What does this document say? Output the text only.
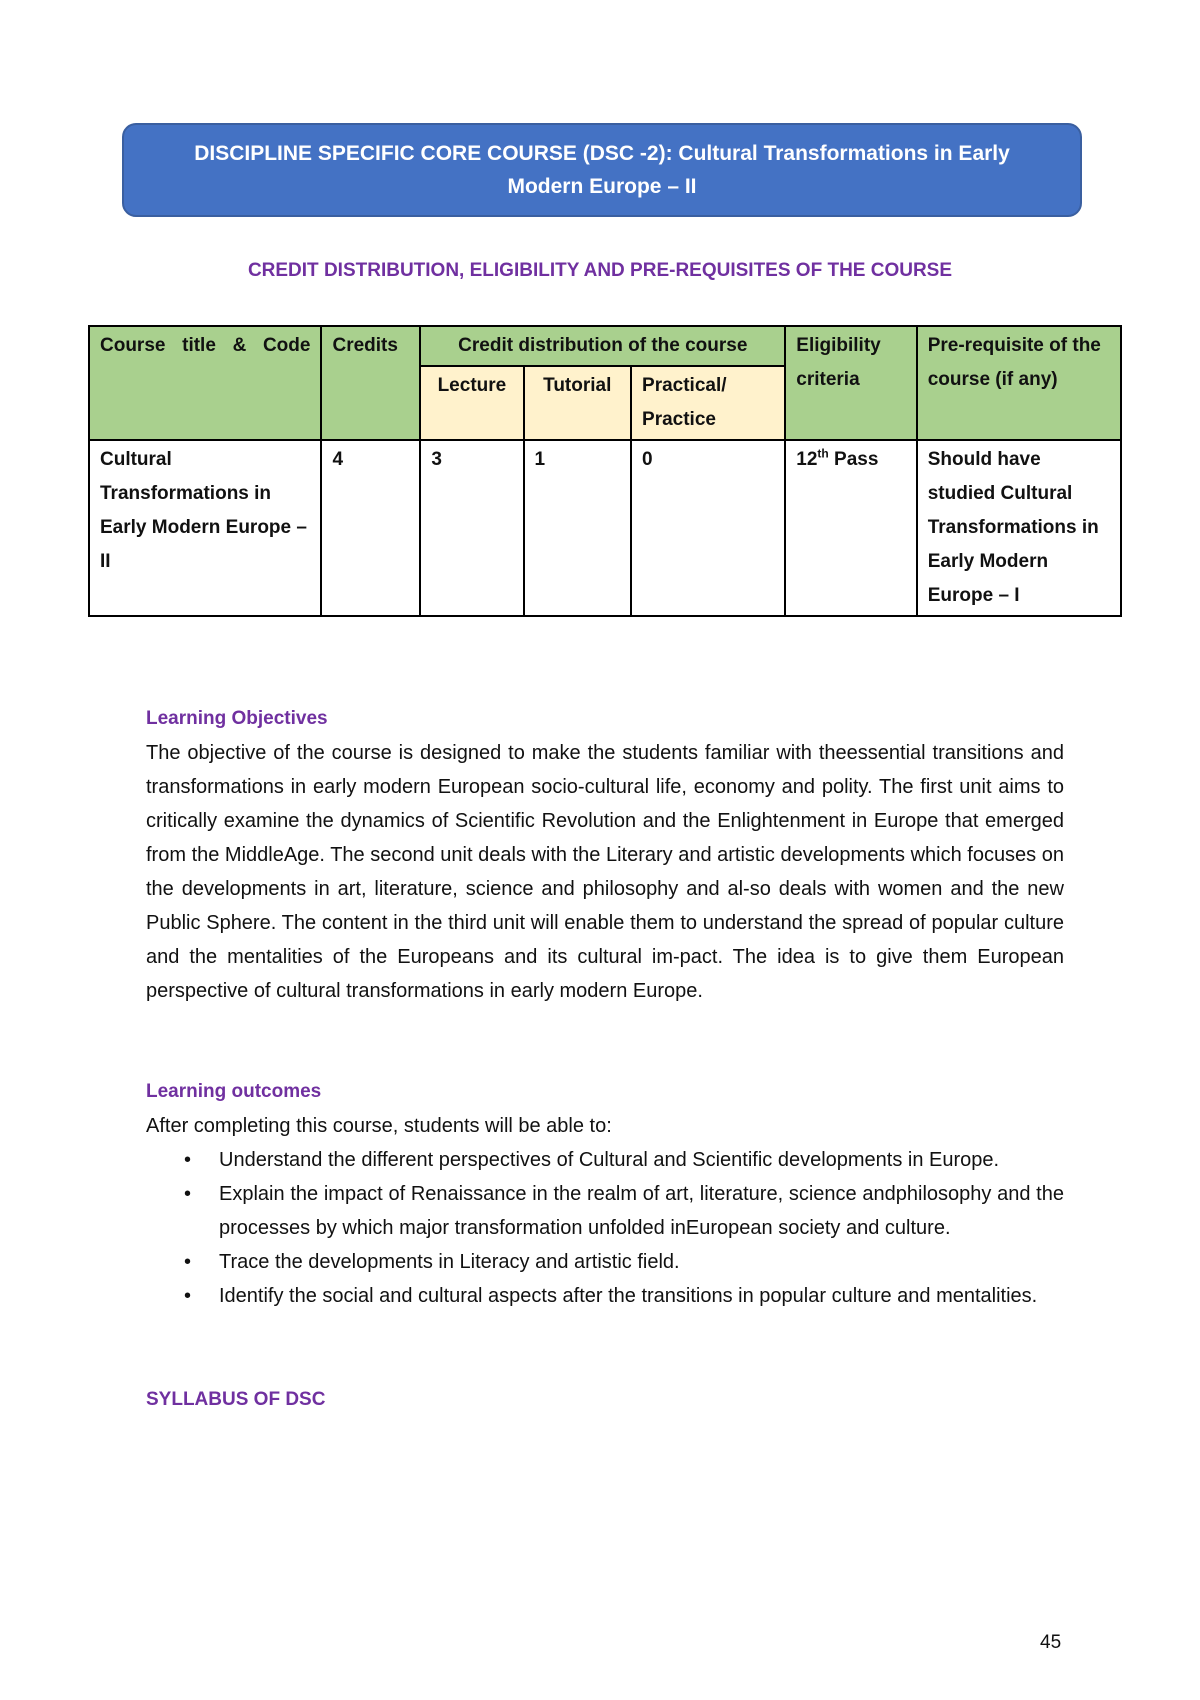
DISCIPLINE SPECIFIC CORE COURSE (DSC -2): Cultural Transformations in Early
Modern Europe – II
CREDIT DISTRIBUTION, ELIGIBILITY AND PRE-REQUISITES OF THE COURSE
Course title & Code	Credits	Credit distribution of the course			Eligibility criteria	Pre-requisite of the course (if any)
		Lecture	Tutorial	Practical/ Practice		
Cultural Transformations in Early Modern Europe – II	4	3	1	0	12th Pass	Should have studied Cultural Transformations in Early Modern Europe – I
Learning Objectives
The objective of the course is designed to make the students familiar with theessential transitions and transformations in early modern European socio-cultural life, economy and polity. The first unit aims to critically examine the dynamics of Scientific Revolution and the Enlightenment in Europe that emerged from the MiddleAge. The second unit deals with the Literary and artistic developments which focuses on the developments in art, literature, science and philosophy and al-so deals with women and the new Public Sphere. The content in the third unit will enable them to understand the spread of popular culture and the mentalities of the Europeans and its cultural im-pact. The idea is to give them European perspective of cultural transformations in early modern Europe.
Learning outcomes
After completing this course, students will be able to:
• Understand the different perspectives of Cultural and Scientific developments in Europe.
• Explain the impact of Renaissance in the realm of art, literature, science andphilosophy and the processes by which major transformation unfolded inEuropean society and culture.
• Trace the developments in Literacy and artistic field.
• Identify the social and cultural aspects after the transitions in popular culture and mentalities.
SYLLABUS OF DSC
45
